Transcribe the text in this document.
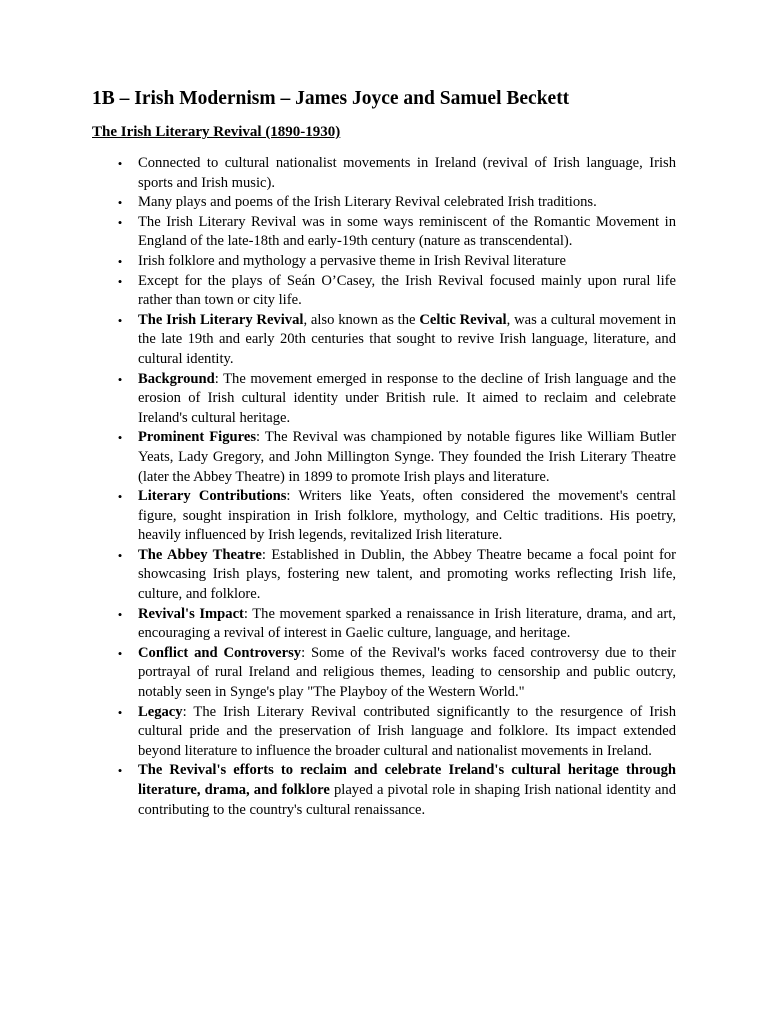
1B – Irish Modernism – James Joyce and Samuel Beckett
The Irish Literary Revival (1890-1930)
• Connected to cultural nationalist movements in Ireland (revival of Irish language, Irish sports and Irish music).
• Many plays and poems of the Irish Literary Revival celebrated Irish traditions.
• The Irish Literary Revival was in some ways reminiscent of the Romantic Movement in England of the late-18th and early-19th century (nature as transcendental).
• Irish folklore and mythology a pervasive theme in Irish Revival literature
• Except for the plays of Seán O’Casey, the Irish Revival focused mainly upon rural life rather than town or city life.
• The Irish Literary Revival, also known as the Celtic Revival, was a cultural movement in the late 19th and early 20th centuries that sought to revive Irish language, literature, and cultural identity.
• Background: The movement emerged in response to the decline of Irish language and the erosion of Irish cultural identity under British rule. It aimed to reclaim and celebrate Ireland's cultural heritage.
• Prominent Figures: The Revival was championed by notable figures like William Butler Yeats, Lady Gregory, and John Millington Synge. They founded the Irish Literary Theatre (later the Abbey Theatre) in 1899 to promote Irish plays and literature.
• Literary Contributions: Writers like Yeats, often considered the movement's central figure, sought inspiration in Irish folklore, mythology, and Celtic traditions. His poetry, heavily influenced by Irish legends, revitalized Irish literature.
• The Abbey Theatre: Established in Dublin, the Abbey Theatre became a focal point for showcasing Irish plays, fostering new talent, and promoting works reflecting Irish life, culture, and folklore.
• Revival's Impact: The movement sparked a renaissance in Irish literature, drama, and art, encouraging a revival of interest in Gaelic culture, language, and heritage.
• Conflict and Controversy: Some of the Revival's works faced controversy due to their portrayal of rural Ireland and religious themes, leading to censorship and public outcry, notably seen in Synge's play "The Playboy of the Western World."
• Legacy: The Irish Literary Revival contributed significantly to the resurgence of Irish cultural pride and the preservation of Irish language and folklore. Its impact extended beyond literature to influence the broader cultural and nationalist movements in Ireland.
• The Revival's efforts to reclaim and celebrate Ireland's cultural heritage through literature, drama, and folklore played a pivotal role in shaping Irish national identity and contributing to the country's cultural renaissance.
